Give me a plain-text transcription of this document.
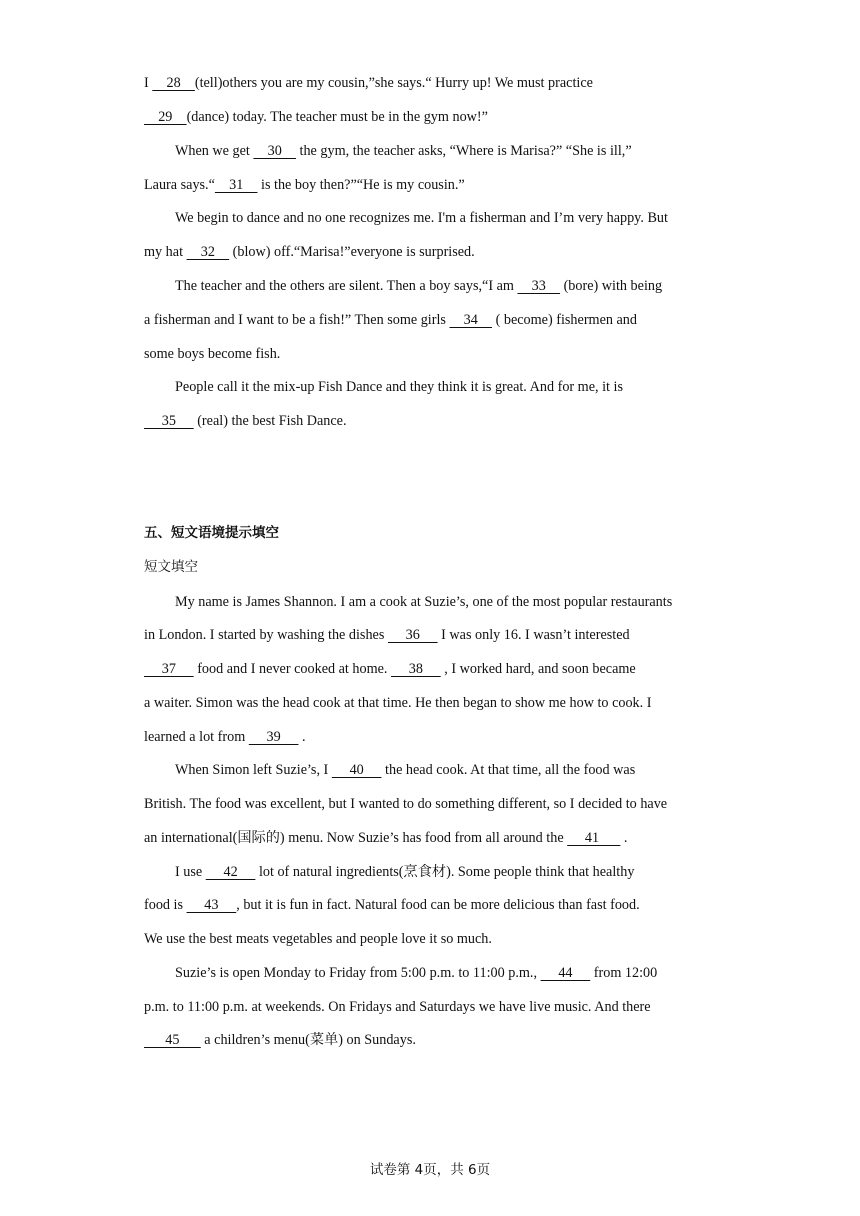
I     28    (tell)others you are my cousin,”she says.“ Hurry up! We must practice
29    (dance) today. The teacher must be in the gym now!”
When we get     30     the gym, the teacher asks, “Where is Marisa?” “She is ill,”
Laura says.“    31     is the boy then?”“He is my cousin.”
We begin to dance and no one recognizes me. I'm a fisherman and I’m very happy. But
my hat     32     (blow) off.“Marisa!”everyone is surprised.
The teacher and the others are silent. Then a boy says,“I am     33     (bore) with being
a fisherman and I want to be a fish!” Then some girls     34     ( become) fishermen and
some boys become fish.
People call it the mix-up Fish Dance and they think it is great. And for me, it is
35      (real) the best Fish Dance.
五、短文语境提示填空
短文填空
My name is James Shannon. I am a cook at Suzie’s, one of the most popular restaurants
in London. I started by washing the dishes      36      I was only 16. I wasn’t interested
37      food and I never cooked at home.      38      , I worked hard, and soon became
a waiter. Simon was the head cook at that time. He then began to show me how to cook. I
learned a lot from      39      .
When Simon left Suzie’s, I      40      the head cook. At that time, all the food was
British. The food was excellent, but I wanted to do something different, so I decided to have
an international(国际的) menu. Now Suzie’s has food from all around the      41       .
I use      42      lot of natural ingredients(烹食材). Some people think that healthy
food is      43     , but it is fun in fact. Natural food can be more delicious than fast food.
We use the best meats vegetables and people love it so much.
Suzie’s is open Monday to Friday from 5:00 p.m. to 11:00 p.m.,      44      from 12:00
p.m. to 11:00 p.m. at weekends. On Fridays and Saturdays we have live music. And there
45       a children’s menu(菜单) on Sundays.
试卷第 4页，共 6页
